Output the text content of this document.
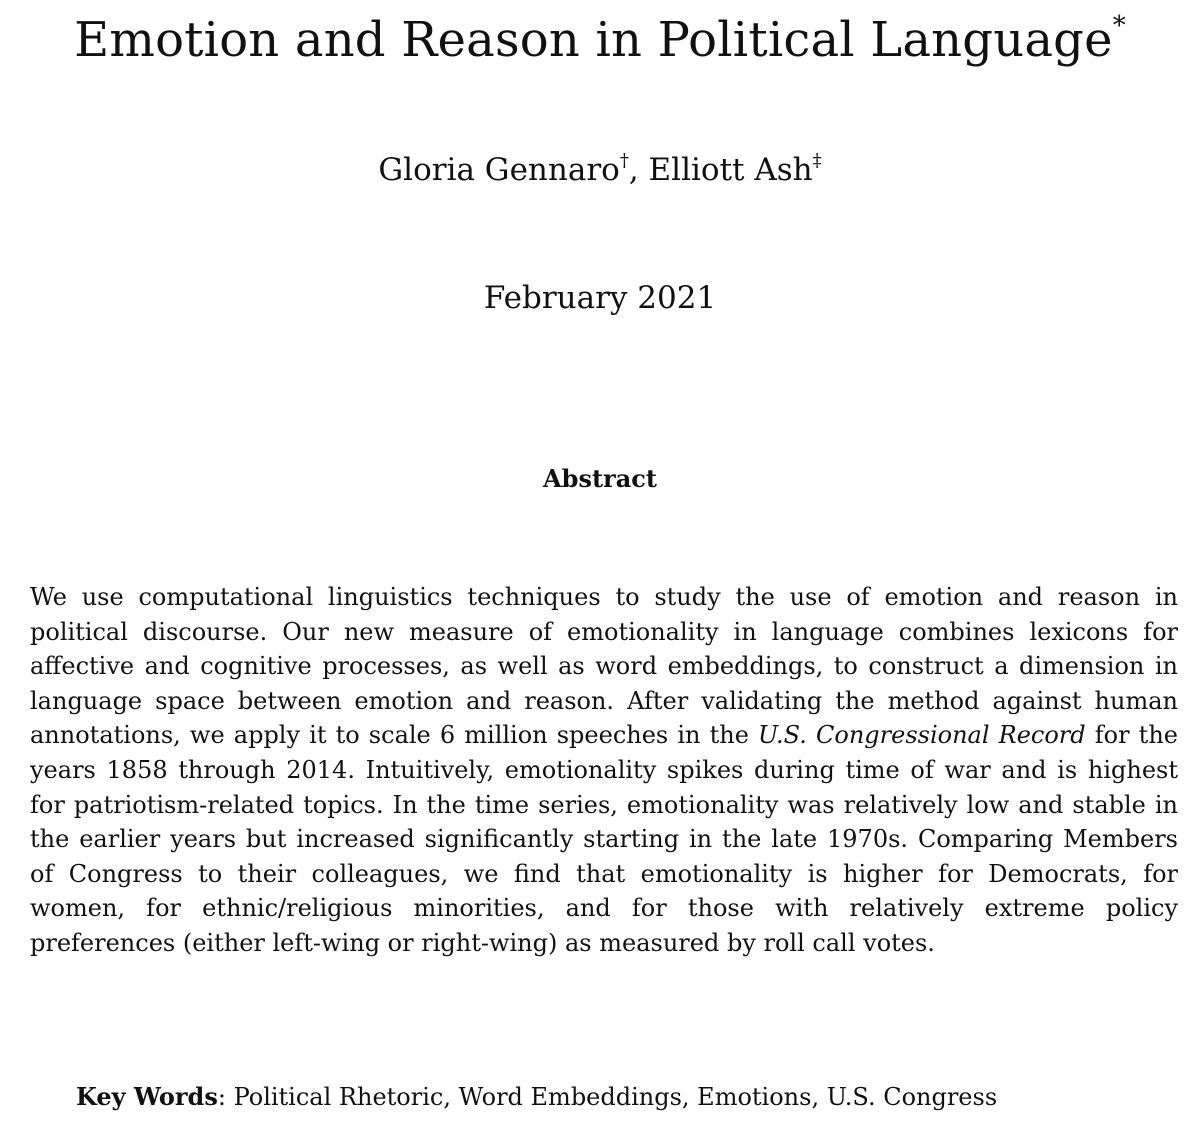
Emotion and Reason in Political Language*
Gloria Gennaro†, Elliott Ash‡
February 2021
Abstract

We use computational linguistics techniques to study the use of emotion and reason in political discourse. Our new measure of emotionality in language combines lexicons for affective and cognitive processes, as well as word embeddings, to construct a dimension in language space between emotion and reason. After validating the method against human annotations, we apply it to scale 6 million speeches in the U.S. Congressional Record for the years 1858 through 2014. Intuitively, emotionality spikes during time of war and is highest for patriotism-related topics. In the time series, emotionality was relatively low and stable in the earlier years but increased significantly starting in the late 1970s. Comparing Members of Congress to their colleagues, we find that emotionality is higher for Democrats, for women, for ethnic/religious minorities, and for those with relatively extreme policy preferences (either left-wing or right-wing) as measured by roll call votes.

Key Words: Political Rhetoric, Word Embeddings, Emotions, U.S. Congress
